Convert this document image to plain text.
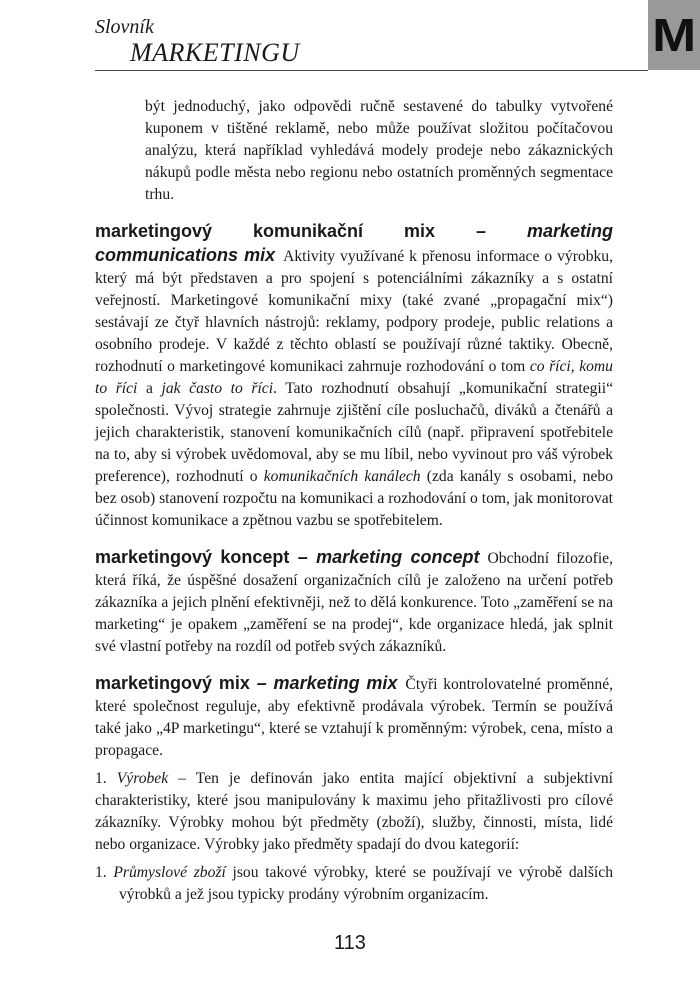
Slovník
MARKETINGU	M

být jednoduchý, jako odpovědi ručně sestavené do tabulky vytvořené kuponem v tištěné reklamě, nebo může používat složitou počítačovou analýzu, která například vyhledává modely prodeje nebo zákaznických nákupů podle města nebo regionu nebo ostatních proměnných segmentace trhu.

marketingový komunikační mix – marketing communications mix Aktivity využívané k přenosu informace o výrobku, který má být představen a pro spojení s potenciálními zákazníky a s ostatní veřejností. Marketingové komunikační mixy (také zvané „propagační mix“) sestávají ze čtyř hlavních nástrojů: reklamy, podpory prodeje, public relations a osobního prodeje. V každé z těchto oblastí se používají různé taktiky. Obecně, rozhodnutí o marketingové komunikaci zahrnuje rozhodování o tom co říci, komu to říci a jak často to říci. Tato rozhodnutí obsahují „komunikační strategii“ společnosti. Vývoj strategie zahrnuje zjištění cíle posluchačů, diváků a čtenářů a jejich charakteristik, stanovení komunikačních cílů (např. připravení spotřebitele na to, aby si výrobek uvědomoval, aby se mu líbil, nebo vyvinout pro váš výrobek preference), rozhodnutí o komunikačních kanálech (zda kanály s osobami, nebo bez osob) stanovení rozpočtu na komunikaci a rozhodování o tom, jak monitorovat účinnost komunikace a zpětnou vazbu se spotřebitelem.

marketingový koncept – marketing concept Obchodní filozofie, která říká, že úspěšné dosažení organizačních cílů je založeno na určení potřeb zákazníka a jejich plnění efektivněji, než to dělá konkurence. Toto „zaměření se na marketing“ je opakem „zaměření se na prodej“, kde organizace hledá, jak splnit své vlastní potřeby na rozdíl od potřeb svých zákazníků.

marketingový mix – marketing mix Čtyři kontrolovatelné proměnné, které společnost reguluje, aby efektivně prodávala výrobek. Termín se používá také jako „4P marketingu“, které se vztahují k proměnným: výrobek, cena, místo a propagace.

1. Výrobek – Ten je definován jako entita mající objektivní a subjektivní charakteristiky, které jsou manipulovány k maximu jeho přitažlivosti pro cílové zákazníky. Výrobky mohou být předměty (zboží), služby, činnosti, místa, lidé nebo organizace. Výrobky jako předměty spadají do dvou kategorií:

1. Průmyslové zboží jsou takové výrobky, které se používají ve výrobě dalších výrobků a jež jsou typicky prodány výrobním organizacím.

113
